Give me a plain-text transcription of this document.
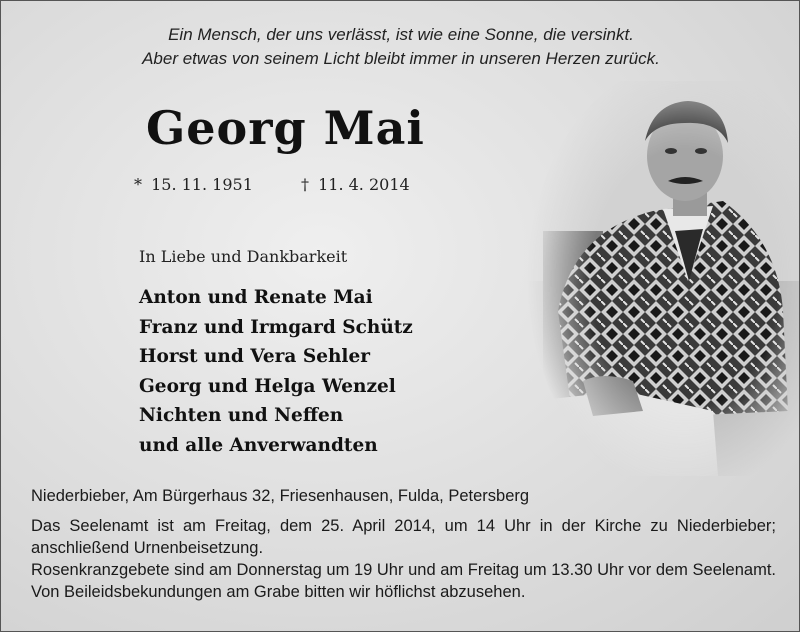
Ein Mensch, der uns verlässt, ist wie eine Sonne, die versinkt.
Aber etwas von seinem Licht bleibt immer in unseren Herzen zurück.
Georg Mai
* 15. 11. 1951	† 11. 4. 2014
In Liebe und Dankbarkeit
Anton und Renate Mai
Franz und Irmgard Schütz
Horst und Vera Sehler
Georg und Helga Wenzel
Nichten und Neffen
und alle Anverwandten
Niederbieber, Am Bürgerhaus 32, Friesenhausen, Fulda, Petersberg

Das Seelenamt ist am Freitag, dem 25. April 2014, um 14 Uhr in der Kirche zu Niederbieber; anschließend Urnenbeisetzung.

Rosenkranzgebete sind am Donnerstag um 19 Uhr und am Freitag um 13.30 Uhr vor dem Seelenamt. Von Beileidsbekundungen am Grabe bitten wir höflichst abzusehen.
